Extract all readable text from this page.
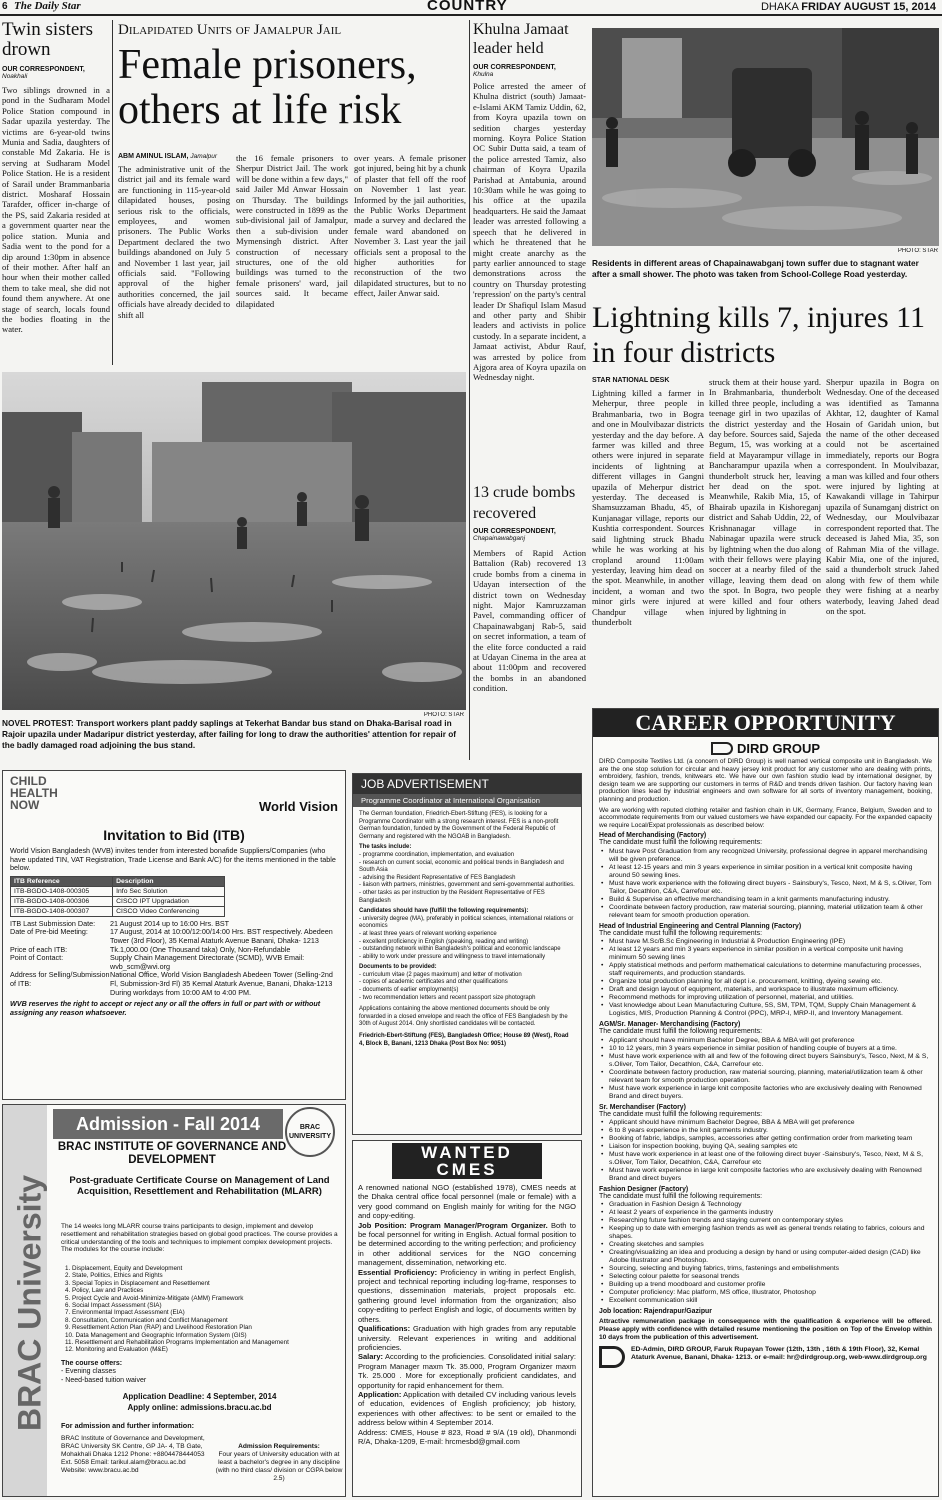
6 The Daily Star	COUNTRY	DHAKA FRIDAY AUGUST 15, 2014
Twin sisters drown
OUR CORRESPONDENT,
Noakhali
Two siblings drowned in a pond in the Sudharam Model Police Station compound in Sadar upazila yesterday. The victims are 6-year-old twins Munia and Sadia, daughters of constable Md Zakaria. He is serving at Sudharam Model Police Station. He is a resident of Sarail under Brammanbaria district. Mosharaf Hossain Tarafder, officer in-charge of the PS, said Zakaria resided at a government quarter near the police station. Munia and Sadia went to the pond for a dip around 1:30pm in absence of their mother. After half an hour when their mother called them to take meal, she did not found them anywhere. At one stage of search, locals found the bodies floating in the water.
Dilapidated Units of Jamalpur Jail
Female prisoners, others at life risk
ABM AMINUL ISLAM, Jamalpur
The administrative unit of the district jail and its female ward are functioning in 115-year-old dilapidated houses, posing serious risk to the officials, employees, and women prisoners. The Public Works Department declared the two buildings abandoned on July 5 and November 1 last year, jail officials said. "Following approval of the higher authorities concerned, the jail officials have already decided to shift all
the 16 female prisoners to Sherpur District Jail. The work will be done within a few days," said Jailer Md Anwar Hossain on Thursday. The buildings were constructed in 1899 as the sub-divisional jail of Jamalpur, then a sub-division under Mymensingh district. After construction of necessary structures, one of the old buildings was turned to the female prisoners' ward, jail sources said. It became dilapidated
over years. A female prisoner got injured, being hit by a chunk of plaster that fell off the roof on November 1 last year. Informed by the jail authorities, the Public Works Department made a survey and declared the female ward abandoned on November 3. Last year the jail officials sent a proposal to the higher authorities for reconstruction of the two dilapidated structures, but to no effect, Jailer Anwar said.
PHOTO: STAR
NOVEL PROTEST: Transport workers plant paddy saplings at Tekerhat Bandar bus stand on Dhaka-Barisal road in Rajoir upazila under Madaripur district yesterday, after failing for long to draw the authorities' attention for repair of the badly damaged road adjoining the bus stand.
Khulna Jamaat leader held
OUR CORRESPONDENT,
Khulna
Police arrested the ameer of Khulna district (south) Jamaat-e-Islami AKM Tamiz Uddin, 62, from Koyra upazila town on sedition charges yesterday morning. Koyra Police Station OC Subir Dutta said, a team of the police arrested Tamiz, also chairman of Koyra Upazila Parishad at Antabunia, around 10:30am while he was going to his office at the upazila headquarters. He said the Jamaat leader was arrested following a speech that he delivered in which he threatened that he might create anarchy as the party earlier announced to stage demonstrations across the country on Thursday protesting 'repression' on the party's central leader Dr Shafiqul Islam Masud and other party and Shibir leaders and activists in police custody. In a separate incident, a Jamaat activist, Abdur Rauf, was arrested by police from Ajgora area of Koyra upazila on Wednesday night.
13 crude bombs recovered
OUR CORRESPONDENT,
Chapainawabganj
Members of Rapid Action Battalion (Rab) recovered 13 crude bombs from a cinema in Udayan intersection of the district town on Wednesday night. Major Kamruzzaman Pavel, commanding officer of Chapainawabganj Rab-5, said on secret information, a team of the elite force conducted a raid at Udayan Cinema in the area at about 11:00pm and recovered the bombs in an abandoned condition.
PHOTO: STAR
Residents in different areas of Chapainawabganj town suffer due to stagnant water after a small shower. The photo was taken from School-College Road yesterday.
Lightning kills 7, injures 11 in four districts
STAR NATIONAL DESK
Lightning killed a farmer in Meherpur, three people in Brahmanbaria, two in Bogra and one in Moulvibazar districts yesterday and the day before. A farmer was killed and three others were injured in separate incidents of lightning at different villages in Gangni upazila of Meherpur district yesterday. The deceased is Shamsuzzaman Bhadu, 45, of Kunjanagar village, reports our Kushtia correspondent. Sources said lightning struck Bhadu while he was working at his cropland around 11:00am yesterday, leaving him dead on the spot. Meanwhile, in another incident, a woman and two minor girls were injured at Chandpur village when thunderbolt
struck them at their house yard. In Brahmanbaria, thunderbolt killed three people, including a teenage girl in two upazilas of the district yesterday and the day before. Sources said, Sajeda Begum, 15, was working at a field at Mayarampur village in Bancharampur upazila when a thunderbolt struck her, leaving her dead on the spot. Meanwhile, Rakib Mia, 15, of Bhairab upazila in Kishoreganj district and Sahab Uddin, 22, of Krishnanagar village in Nabinagar upazila were struck by lightning when the duo along with their fellows were playing soccer at a nearby filed of the village, leaving them dead on the spot. In Bogra, two people were killed and four others injured by lightning in
Sherpur upazila in Bogra on Wednesday. One of the deceased was identified as Tamanna Akhtar, 12, daughter of Kamal Hosain of Garidah union, but the name of the other deceased could not be ascertained immediately, reports our Bogra correspondent. In Moulvibazar, a man was killed and four others were injured by lighting at Kawakandi village in Tahirpur upazila of Sunamganj district on Wednesday, our Moulvibazar correspondent reported that. The deceased is Jahed Mia, 35, son of Rahman Mia of the village. Kabir Mia, one of the injured, said a thunderbolt struck Jahed along with few of them while they were fishing at a nearby waterbody, leaving Jahed dead on the spot.
CHILD HEALTH NOW	World Vision
Invitation to Bid (ITB)
World Vision Bangladesh (WVB) invites tender from interested bonafide Suppliers/Companies (who have updated TIN, VAT Registration, Trade License and Bank A/C) for the items mentioned in the table below.
ITB Reference	Description
ITB-BGDO-1408-000305	Info Sec Solution
ITB-BGDO-1408-000306	CISCO IPT Upgradation
ITB-BGDO-1408-000307	CISCO Video Conferencing
ITB Last Submission Date:	21 August 2014 up to 16:00 Hrs. BST
Date of Pre-bid Meeting:	17 August, 2014 at 10:00/12:00/14:00 Hrs. BST respectively. Abedeen Tower (3rd Floor), 35 Kemal Ataturk Avenue Banani, Dhaka- 1213
Price of each ITB:	Tk.1,000.00 (One Thousand taka) Only, Non-Refundable
Point of Contact:	Supply Chain Management Directorate (SCMD), WVB Email: wvb_scm@wvi.org
Address for Selling/Submission of ITB:
National Office, World Vision Bangladesh Abedeen Tower (Selling-2nd Fl, Submission-3rd Fl) 35 Kemal Ataturk Avenue, Banani, Dhaka-1213 During workdays from 10:00 AM to 4:00 PM.
WVB reserves the right to accept or reject any or all the offers in full or part with or without assigning any reason whatsoever.
BRAC University
Admission - Fall 2014	BRAC UNIVERSITY
BRAC INSTITUTE OF GOVERNANCE AND DEVELOPMENT
Post-graduate Certificate Course on Management of Land Acquisition, Resettlement and Rehabilitation (MLARR)
The 14 weeks long MLARR course trains participants to design, implement and develop resettlement and rehabilitation strategies based on global good practices. The course provides a critical understanding of the tools and techniques to implement complex development projects. The modules for the course include:
1. Displacement, Equity and Development
2. State, Politics, Ethics and Rights
3. Special Topics in Displacement and Resettlement
4. Policy, Law and Practices
5. Project Cycle and Avoid-Minimize-Mitigate (AMM) Framework
6. Social Impact Assessment (SIA)
7. Environmental Impact Assessment (EIA)
8. Consultation, Communication and Conflict Management
9. Resettlement Action Plan (RAP) and Livelihood Restoration Plan
10. Data Management and Geographic Information System (GIS)
11. Resettlement and Rehabilitation Programs Implementation and Management
12. Monitoring and Evaluation (M&E)
The course offers:
- Evening classes
- Need-based tuition waiver
Application Deadline: 4 September, 2014
Apply online: admissions.bracu.ac.bd
For admission and further information:
BRAC Institute of Governance and Development, BRAC University SK Centre, GP JA- 4, TB Gate, Mohakhali Dhaka 1212 Phone: +8804478444053 Ext. 5058 Email: tarikul.alam@bracu.ac.bd Website: www.bracu.ac.bd
Admission Requirements:
Four years of University education with at least a bachelor's degree in any discipline (with no third class/ division or CGPA below 2.5)
JOB ADVERTISEMENT
Programme Coordinator at International Organisation
The German foundation, Friedrich-Ebert-Stiftung (FES), is looking for a Programme Coordinator with a strong research interest. FES is a non-profit German foundation, funded by the Government of the Federal Republic of Germany and registered with the NGOAB in Bangladesh.
The tasks include:
- programme coordination, implementation, and evaluation
- research on current social, economic and political trends in Bangladesh and South Asia
- advising the Resident Representative of FES Bangladesh
- liaison with partners, ministries, government and semi-governmental authorities.
- other tasks as per instruction by the Resident Representative of FES Bangladesh
Candidates should have (fulfill the following requirements):
- university degree (MA), preferably in political sciences, international relations or economics
- at least three years of relevant working experience
- excellent proficiency in English (speaking, reading and writing)
- outstanding network within Bangladesh's political and economic landscape
- ability to work under pressure and willingness to travel internationally
Documents to be provided:
- curriculum vitae (2 pages maximum) and letter of motivation
- copies of academic certificates and other qualifications
- documents of earlier employment(s)
- two recommendation letters and recent passport size photograph
Applications containing the above mentioned documents should be only forwarded in a closed envelope and reach the office of FES Bangladesh by the 30th of August 2014. Only shortlisted candidates will be contacted.
Friedrich-Ebert-Stiftung (FES), Bangladesh Office; House 89 (West), Road 4, Block B, Banani, 1213 Dhaka (Post Box No: 9051)
WANTED
CMES
A renowned national NGO (established 1978), CMES needs at the Dhaka central office focal personnel (male or female) with a very good command on English mainly for writing for the NGO and copy-editing.
Job Position: Program Manager/Program Organizer. Both to be focal personnel for writing in English. Actual formal position to be determined according to the writing perfection; and proficiency in other additional services for the NGO concerning management, dissemination, networking etc.
Essential Proficiency: Proficiency in writing in perfect English, project and technical reporting including log-frame, responses to questions, dissemination materials, project proposals etc. gathering ground level information from the organization; also copy-editing to perfect English and logic, of documents written by others.
Qualifications: Graduation with high grades from any reputable university. Relevant experiences in writing and additional proficiencies.
Salary: According to the proficiencies. Consolidated initial salary: Program Manager maxm Tk. 35.000, Program Organizer maxm Tk. 25.000 . More for exceptionally proficient candidates, and opportunity for rapid enhancement for them.
Application: Application with detailed CV including various levels of education, evidences of English proficiency; job history, experiences with other affectives: to be sent or emailed to the address below within 4 September 2014.
Address: CMES, House # 823, Road # 9/A (19 old), Dhanmondi R/A, Dhaka-1209, E-mail: hrcmesbd@gmail.com
CAREER OPPORTUNITY
DIRD GROUP
DIRD Composite Textiles Ltd. (a concern of DIRD Group) is well named vertical composite unit in Bangladesh. We are the one stop solution for circular and heavy jersey knit product for any customer who are dealing with prints, embroidery, fashion, trends, knitwears etc. We have our own fashion studio lead by international designer, by design team we are supporting our customers in terms of R&D and trends driven fashion. Our factory having lean production lines lead by industrial engineers and own software for all sorts of inventory management, booking, planning and production.
We are working with reputed clothing retailer and fashion chain in UK, Germany, France, Belgium, Sweden and to accommodate requirements from our valued customers we have expanded our capacity. For the expanded capacity we require Local/Expat professionals as described below:
Head of Merchandising (Factory)
The candidate must fulfill the following requirements:
• Must have Post Graduation from any recognized University, professional degree in apparel merchandising will be given preference.
• At least 12-15 years and min 3 years experience in similar position in a vertical knit composite having around 50 sewing lines.
• Must have work experience with the following direct buyers - Sainsbury's, Tesco, Next, M & S, s.Oliver, Tom Tailor, Decathlon, C&A, Carrefour etc.
• Build & Supervise an effective merchandising team in a knit garments manufacturing industry.
• Coordinate between factory production, raw material sourcing, planning, material utilization team & other relevant team for smooth production operation.
Head of Industrial Engineering and Central Planning (Factory)
The candidate must fulfill the following requirements:
• Must have M.Sc/B.Sc Engineering in Industrial & Production Engineering (IPE)
• At least 12 years and min 3 years experience in similar position in a vertical composite unit having minimum 50 sewing lines
• Apply statistical methods and perform mathematical calculations to determine manufacturing processes, staff requirements, and production standards.
• Organize total production planning for all dept i.e. procurement, knitting, dyeing sewing etc.
• Draft and design layout of equipment, materials, and workspace to illustrate maximum efficiency.
• Recommend methods for improving utilization of personnel, material, and utilities.
• Vast knowledge about Lean Manufacturing Culture, 5S, SM, TPM, TQM, Supply Chain Management & Logistics, MIS, Production Planning & Control (PPC), MRP-I, MRP-II, and Inventory Management.
AGM/Sr. Manager- Merchandising (Factory)
The candidate must fulfill the following requirements:
• Applicant should have minimum Bachelor Degree, BBA & MBA will get preference
• 10 to 12 years, min 3 years experience in similar position of handling couple of buyers at a time.
• Must have work experience with all and few of the following direct buyers Sainsbury's, Tesco, Next, M & S, s.Oliver, Tom Tailor, Decathlon, C&A, Carrefour etc.
• Coordinate between factory production, raw material sourcing, planning, material/utilization team & other relevant team for smooth production operation.
• Must have work experience in large knit composite factories who are exclusively dealing with Renowned Brand and direct buyers.
Sr. Merchandiser (Factory)
The candidate must fulfill the following requirements:
• Applicant should have minimum Bachelor Degree, BBA & MBA will get preference
• 6 to 8 years experience in the knit garments industry.
• Booking of fabric, labdips, samples, accessories after getting confirmation order from marketing team
• Liaison for inspection booking, buying QA, sealing samples etc
• Must have work experience in at least one of the following direct buyer -Sainsbury's, Tesco, Next, M & S, s.Oliver, Tom Tailor, Decathlon, C&A, Carrefour etc
• Must have work experience in large knit composite factories who are exclusively dealing with Renowned Brand and direct buyers
Fashion Designer (Factory)
The candidate must fulfill the following requirements:
• Graduation in Fashion Design & Technology
• At least 2 years of experience in the garments industry
• Researching future fashion trends and staying current on contemporary styles
• Keeping up to date with emerging fashion trends as well as general trends relating to fabrics, colours and shapes.
• Creating sketches and samples
• Creating/visualizing an idea and producing a design by hand or using computer-aided design (CAD) like Adobe Illustrator and Photoshop.
• Sourcing, selecting and buying fabrics, trims, fastenings and embellishments
• Selecting colour palette for seasonal trends
• Building up a trend moodboard and customer profile
• Computer proficiency: Mac platform, MS office, Illustrator, Photoshop
• Excellent communication skill
Job location: Rajendrapur/Gazipur
Attractive remuneration package in consequence with the qualification & experience will be offered. Please apply with confidence with detailed resume mentioning the position on Top of the Envelop within 10 days from the publication of this advertisement.
ED-Admin, DIRD GROUP, Faruk Rupayan Tower (12th, 13th , 16th & 19th Floor), 32, Kemal Ataturk Avenue, Banani, Dhaka- 1213. or e-mail: hr@dirdgroup.org, web-www.dirdgroup.org
